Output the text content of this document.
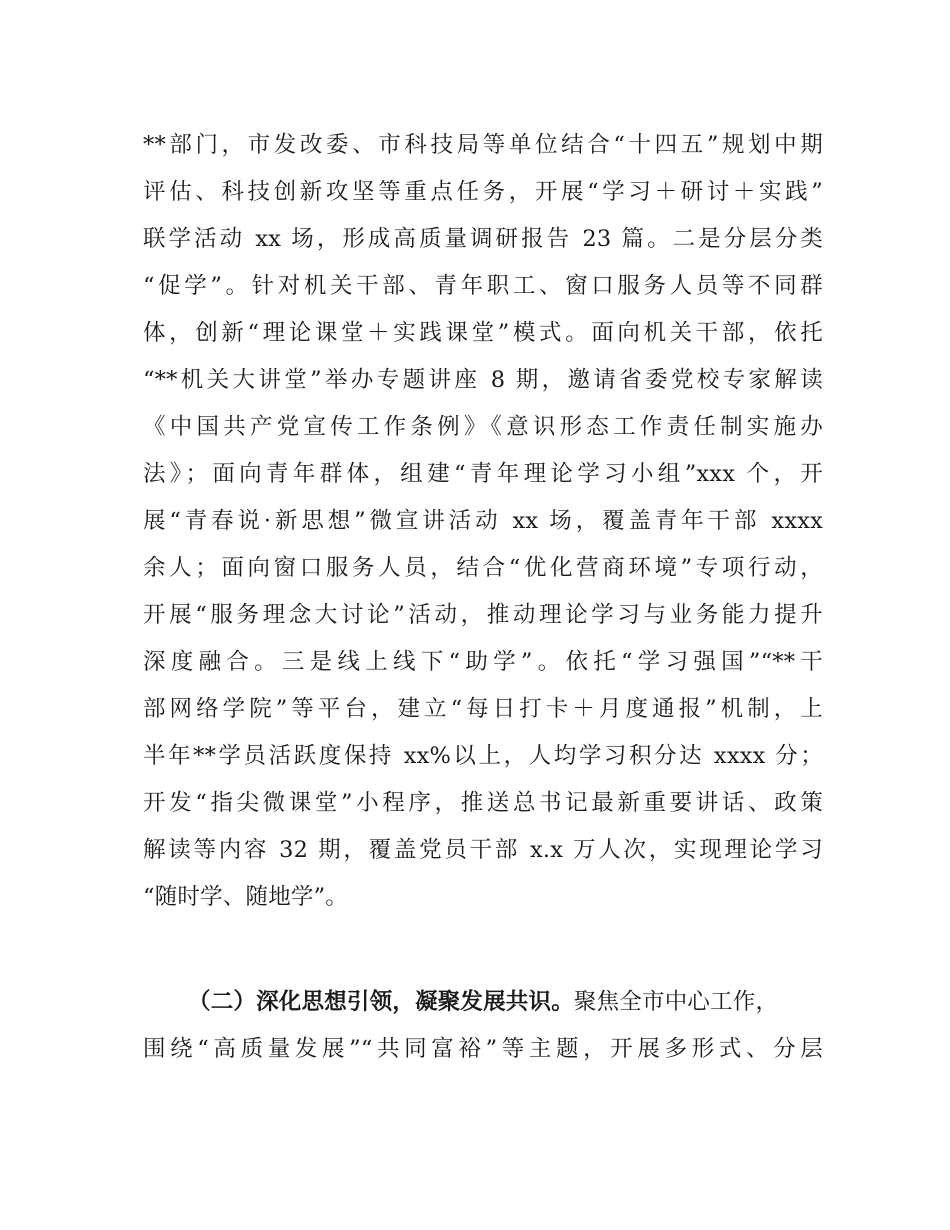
**部门，市发改委、市科技局等单位结合“十四五”规划中期
评估、科技创新攻坚等重点任务，开展“学习＋研讨＋实践”
联学活动 xx 场，形成高质量调研报告 23 篇。二是分层分类
“促学”。针对机关干部、青年职工、窗口服务人员等不同群
体，创新“理论课堂＋实践课堂”模式。面向机关干部，依托
“**机关大讲堂”举办专题讲座 8 期，邀请省委党校专家解读
《中国共产党宣传工作条例》《意识形态工作责任制实施办
法》；面向青年群体，组建“青年理论学习小组”xxx 个，开
展“青春说·新思想”微宣讲活动 xx 场，覆盖青年干部 xxxx
余人；面向窗口服务人员，结合“优化营商环境”专项行动，
开展“服务理念大讨论”活动，推动理论学习与业务能力提升
深度融合。三是线上线下“助学”。依托“学习强国”“**干
部网络学院”等平台，建立“每日打卡＋月度通报”机制，上
半年**学员活跃度保持 xx%以上，人均学习积分达 xxxx 分；
开发“指尖微课堂”小程序，推送总书记最新重要讲话、政策
解读等内容 32 期，覆盖党员干部 x.x 万人次，实现理论学习
“随时学、随地学”。
（二）深化思想引领，凝聚发展共识。聚焦全市中心工作，
围绕“高质量发展”“共同富裕”等主题，开展多形式、分层
